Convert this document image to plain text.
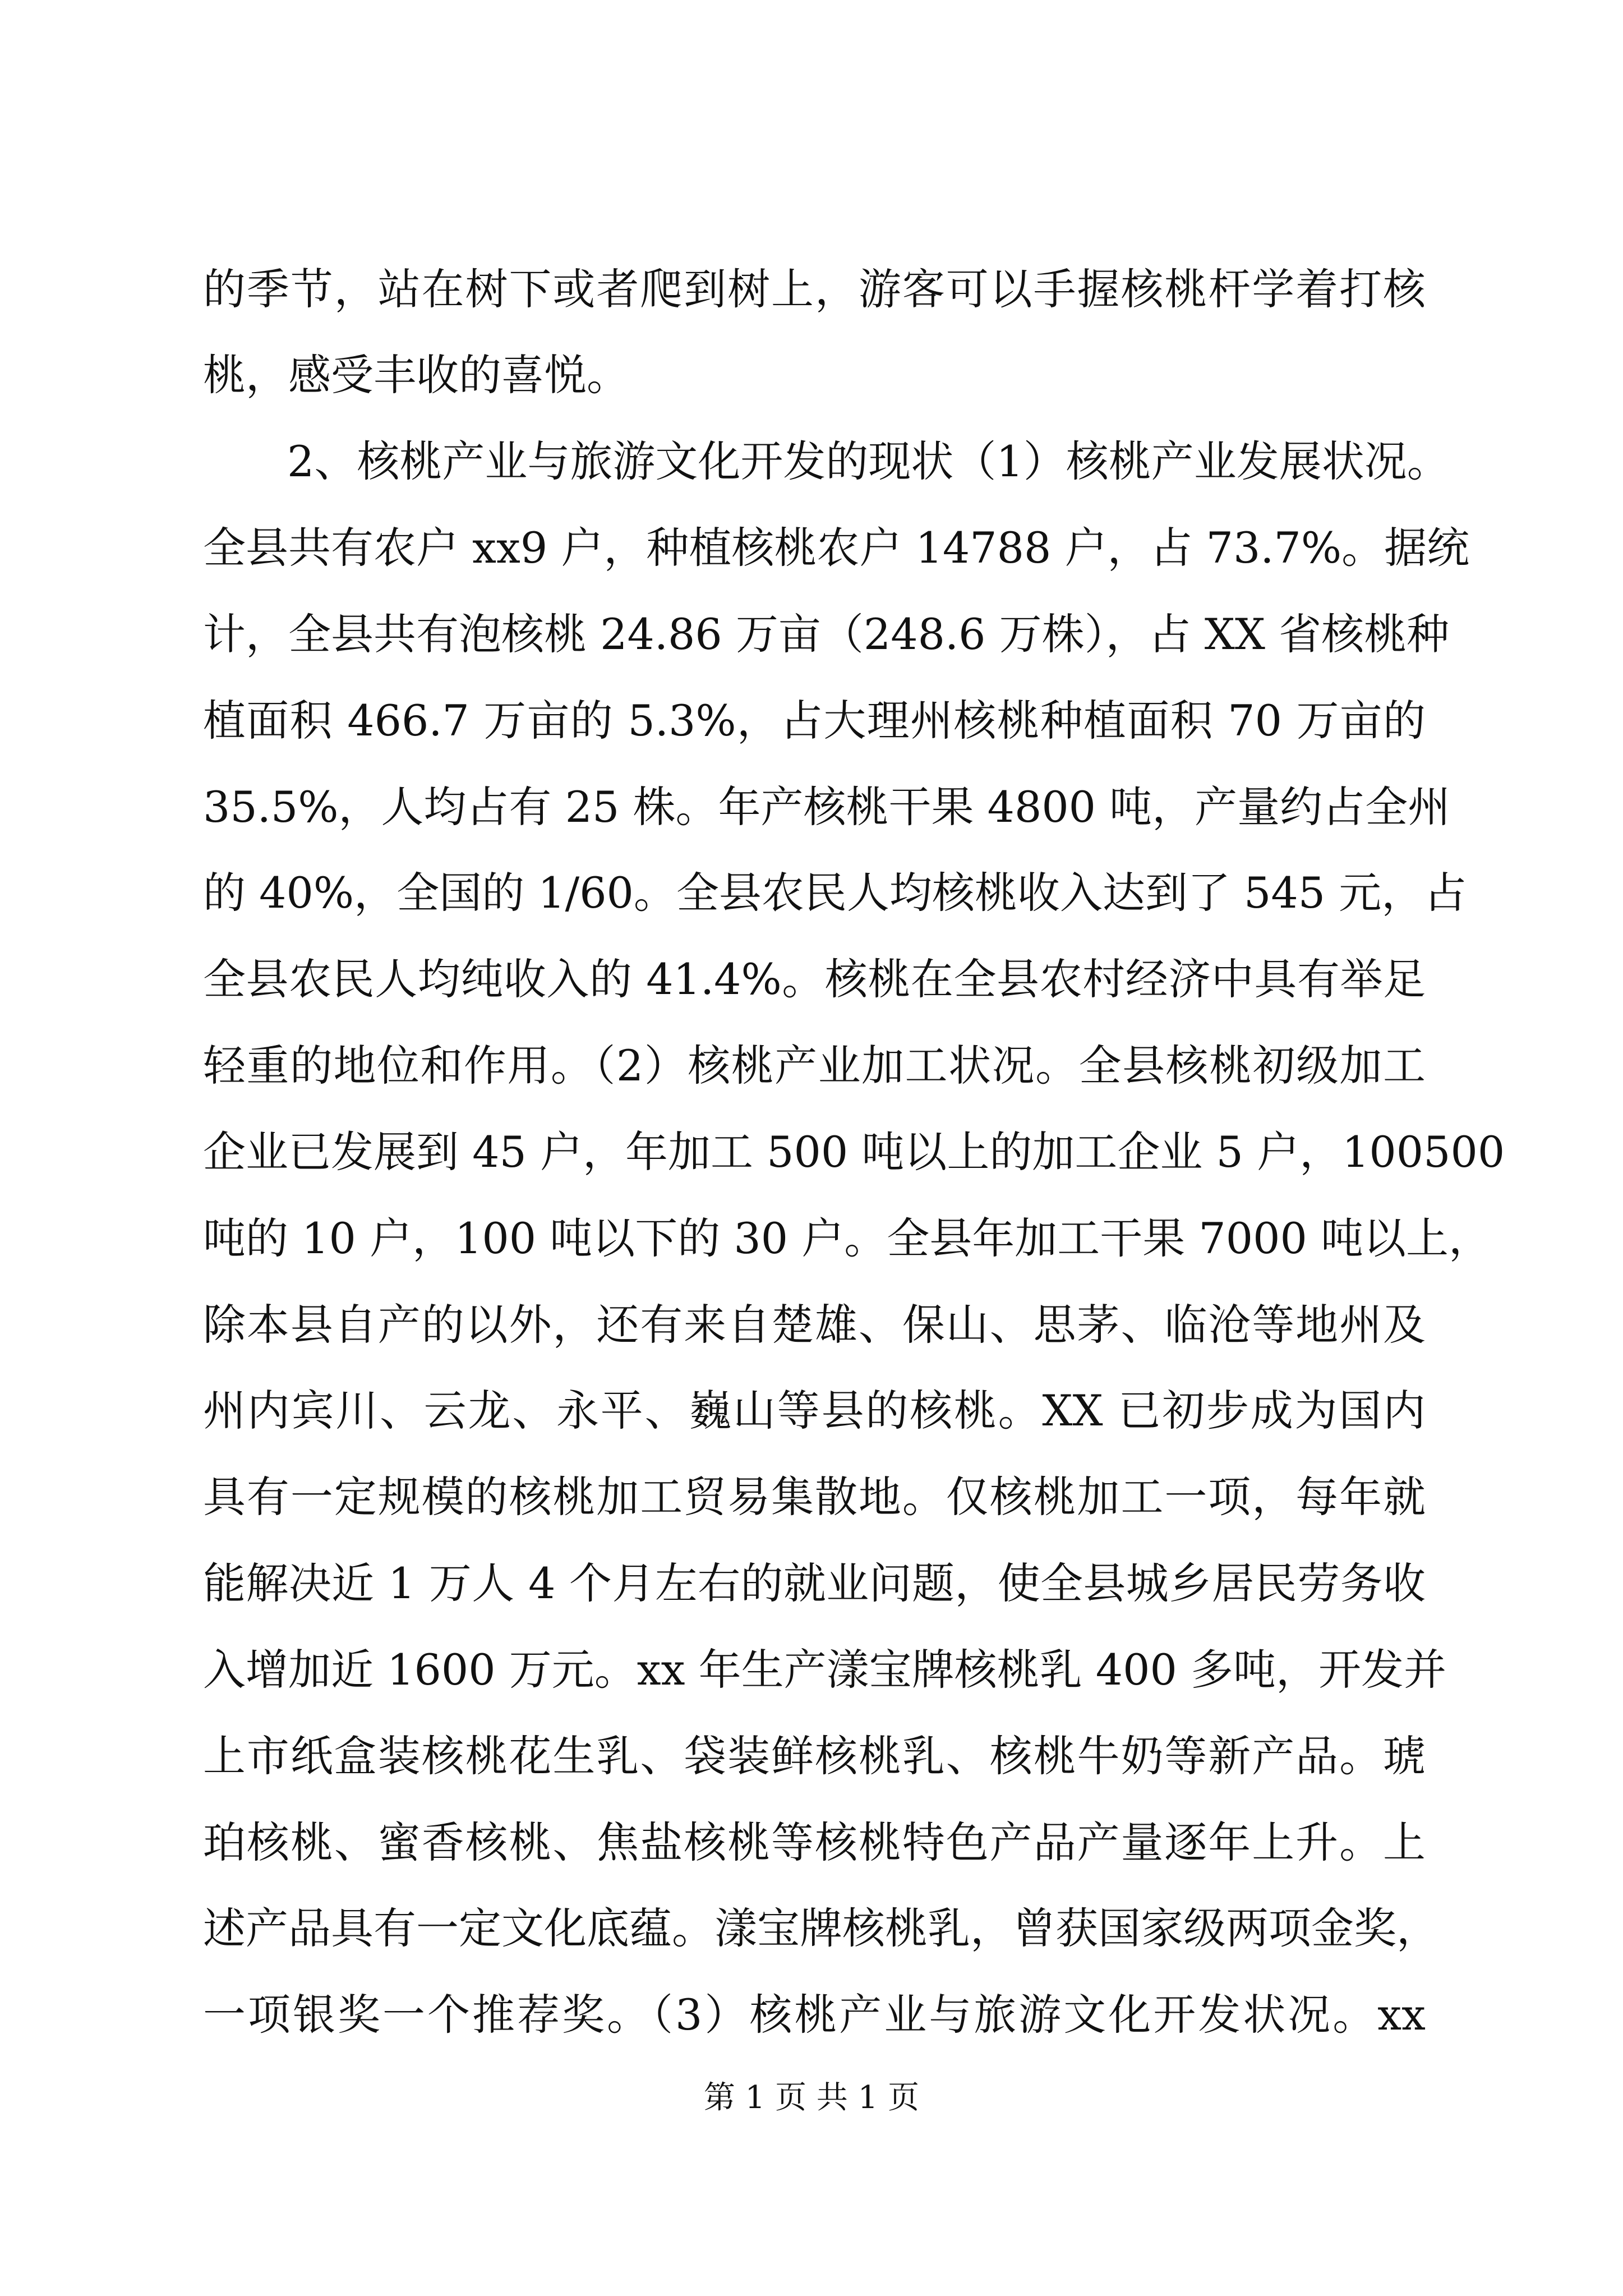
的季节，站在树下或者爬到树上，游客可以手握核桃杆学着打核
桃，感受丰收的喜悦。
2、核桃产业与旅游文化开发的现状（1）核桃产业发展状况。
全县共有农户 xx9 户，种植核桃农户 14788 户，占 73.7%。据统
计，全县共有泡核桃 24.86 万亩（248.6 万株），占 XX 省核桃种
植面积 466.7 万亩的 5.3%，占大理州核桃种植面积 70 万亩的
35.5%，人均占有 25 株。年产核桃干果 4800 吨，产量约占全州
的 40%，全国的 1/60。全县农民人均核桃收入达到了 545 元，占
全县农民人均纯收入的 41.4%。核桃在全县农村经济中具有举足
轻重的地位和作用。（2）核桃产业加工状况。全县核桃初级加工
企业已发展到 45 户，年加工 500 吨以上的加工企业 5 户，100500
吨的 10 户，100 吨以下的 30 户。全县年加工干果 7000 吨以上，
除本县自产的以外，还有来自楚雄、保山、思茅、临沧等地州及
州内宾川、云龙、永平、巍山等县的核桃。XX 已初步成为国内
具有一定规模的核桃加工贸易集散地。仅核桃加工一项，每年就
能解决近 1 万人 4 个月左右的就业问题，使全县城乡居民劳务收
入增加近 1600 万元。xx 年生产漾宝牌核桃乳 400 多吨，开发并
上市纸盒装核桃花生乳、袋装鲜核桃乳、核桃牛奶等新产品。琥
珀核桃、蜜香核桃、焦盐核桃等核桃特色产品产量逐年上升。上
述产品具有一定文化底蕴。漾宝牌核桃乳，曾获国家级两项金奖，
一项银奖一个推荐奖。（3）核桃产业与旅游文化开发状况。xx
第 1 页 共 1 页
